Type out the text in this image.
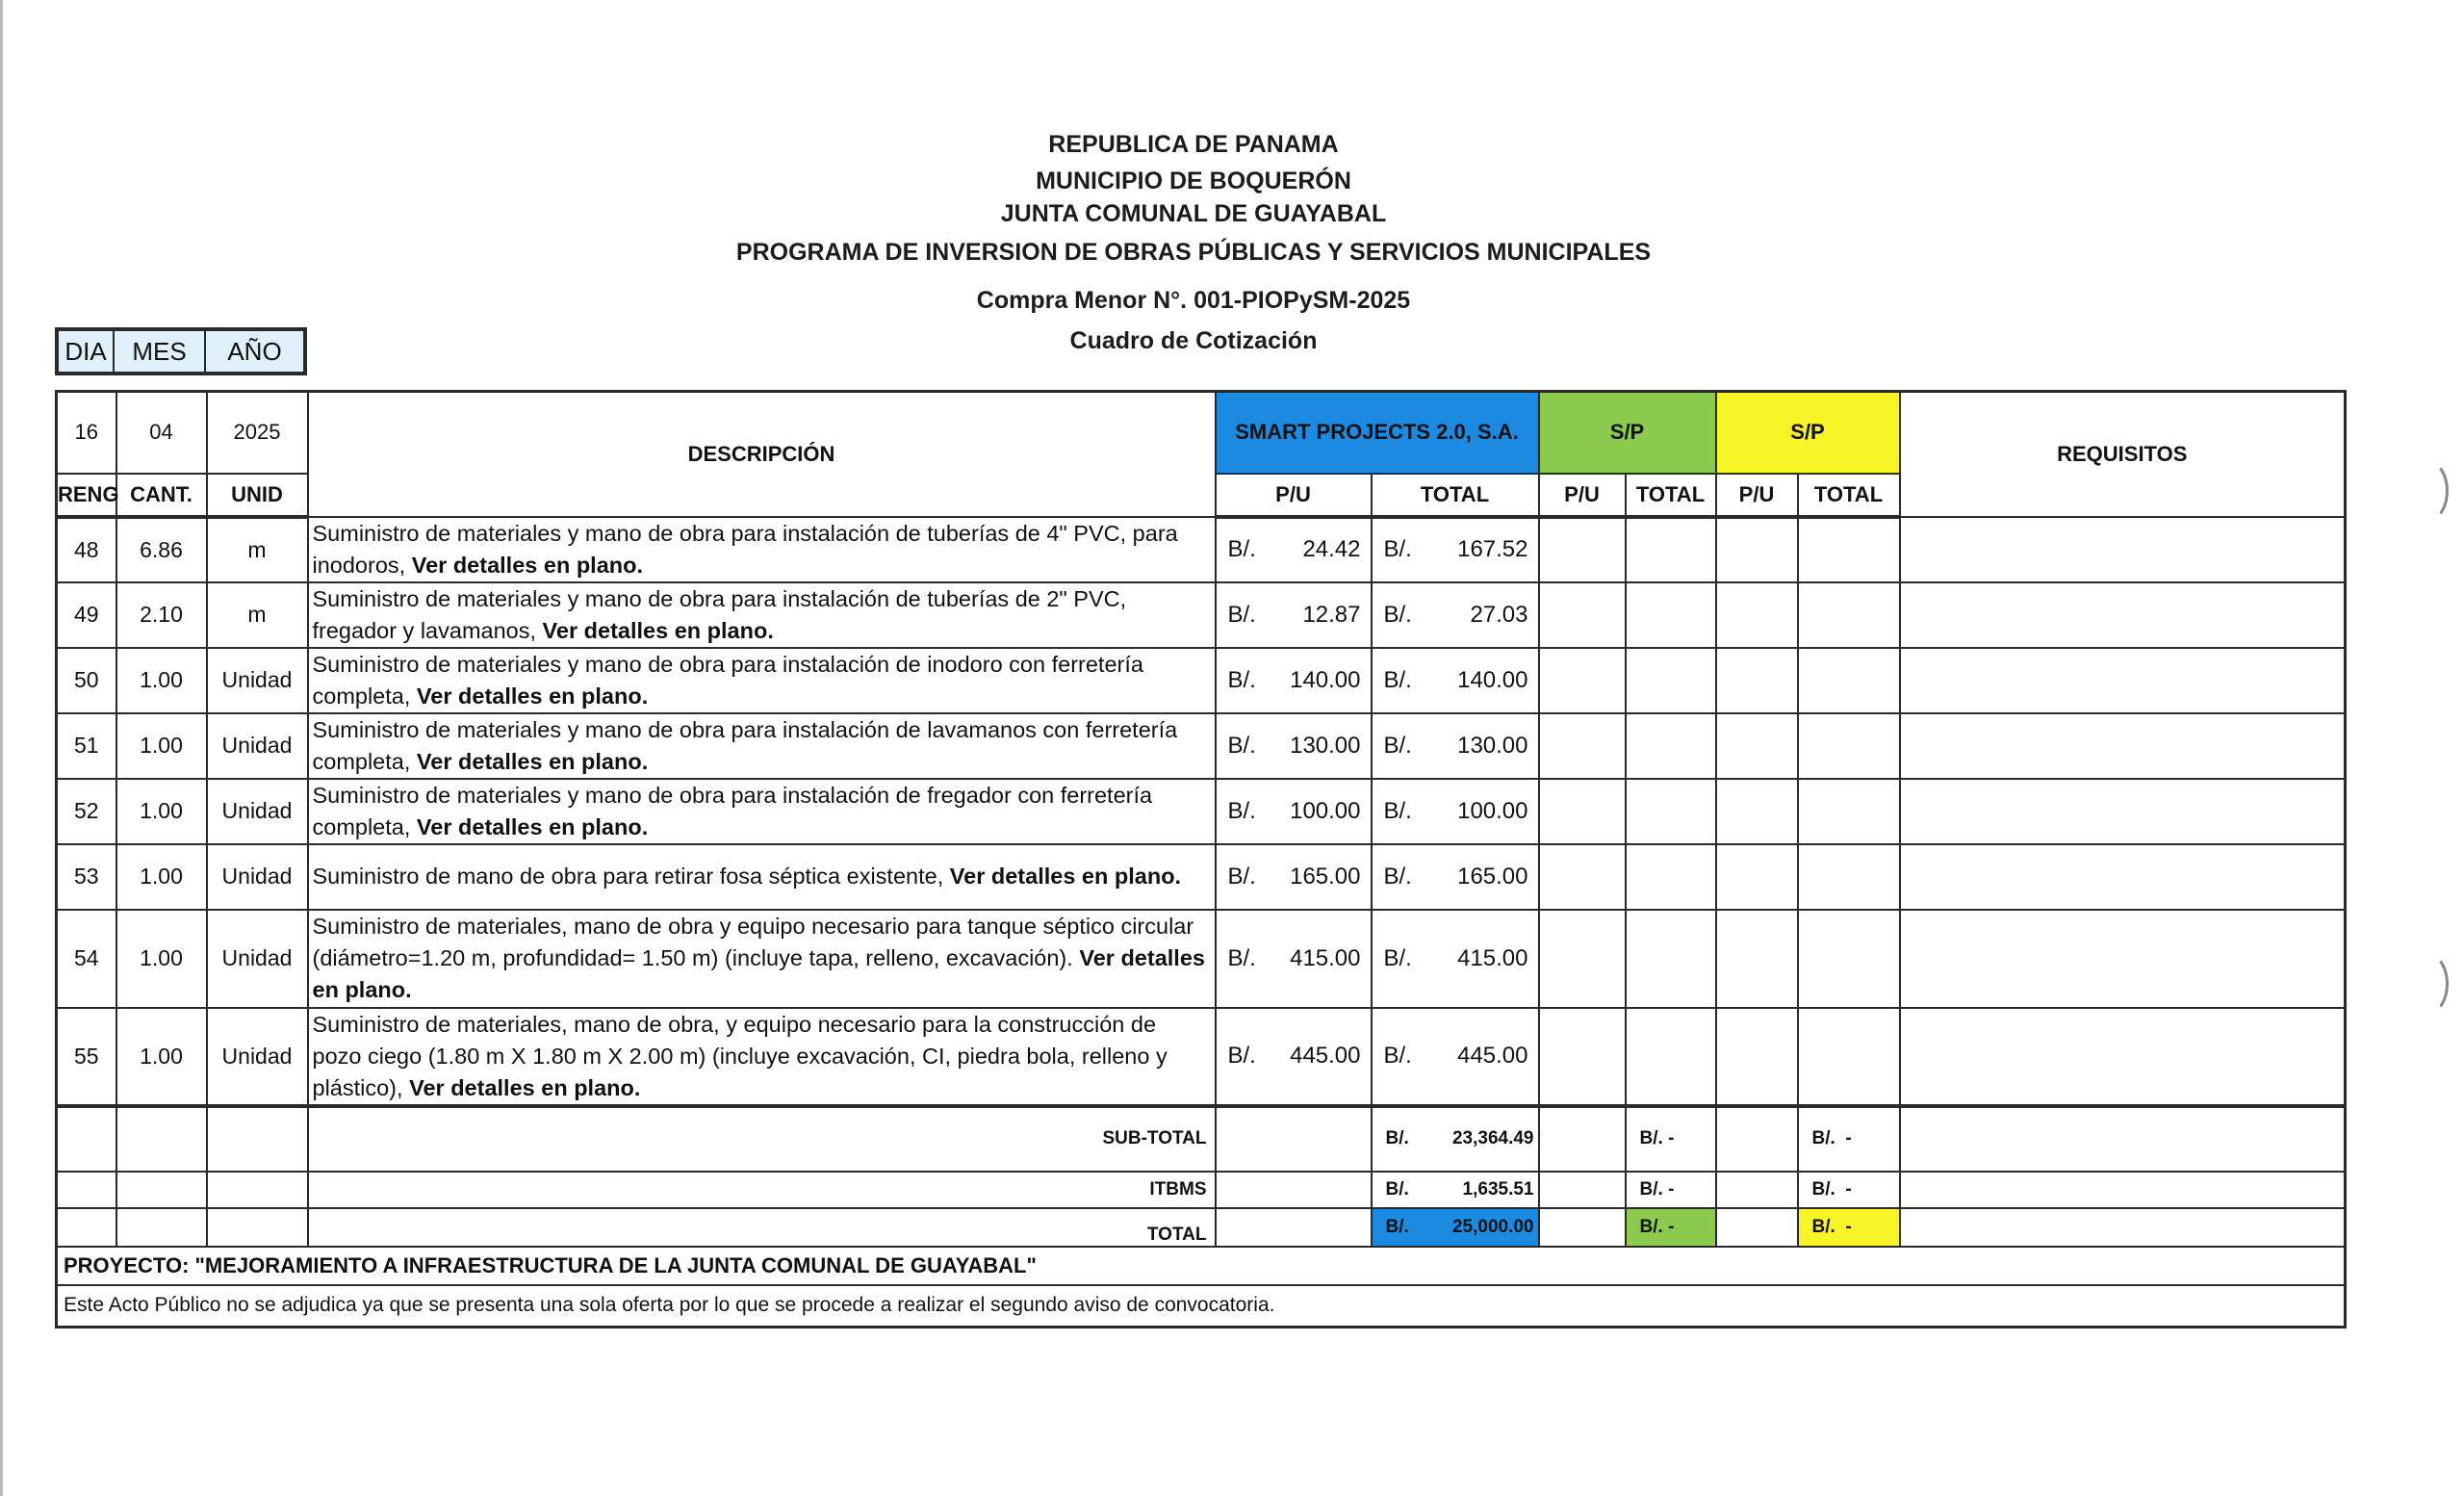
REPUBLICA DE PANAMA
MUNICIPIO DE BOQUERÓN
JUNTA COMUNAL DE GUAYABAL
PROGRAMA DE INVERSION DE OBRAS PÚBLICAS Y SERVICIOS MUNICIPALES
Compra Menor N°. 001-PIOPySM-2025
Cuadro de Cotización
DIA	MES	AÑO
16	04	2025	DESCRIPCIÓN	SMART PROJECTS 2.0, S.A.		S/P		S/P		REQUISITOS
RENG	CANT.	UNID		P/U	TOTAL	P/U	TOTAL	P/U	TOTAL	
48	6.86	m	Suministro de materiales y mano de obra para instalación de tuberías de 4" PVC, para inodoros, Ver detalles en plano.	B/. 24.42	B/. 167.52					

49	2.10	m	Suministro de materiales y mano de obra para instalación de tuberías de 2" PVC, fregador y lavamanos, Ver detalles en plano.	B/. 12.87	B/. 27.03					

50	1.00	Unidad	Suministro de materiales y mano de obra para instalación de inodoro con ferretería completa, Ver detalles en plano.	B/. 140.00	B/. 140.00					

51	1.00	Unidad	Suministro de materiales y mano de obra para instalación de lavamanos con ferretería completa, Ver detalles en plano.	B/. 130.00	B/. 130.00					

52	1.00	Unidad	Suministro de materiales y mano de obra para instalación de fregador con ferretería completa, Ver detalles en plano.	B/. 100.00	B/. 100.00					

53	1.00	Unidad	Suministro de mano de obra para retirar fosa séptica existente, Ver detalles en plano.	B/. 165.00	B/. 165.00					

54	1.00	Unidad	Suministro de materiales, mano de obra y equipo necesario para tanque séptico circular (diámetro=1.20 m, profundidad= 1.50 m) (incluye tapa, relleno, excavación). Ver detalles en plano.	B/. 415.00	B/. 415.00					

55	1.00	Unidad	Suministro de materiales, mano de obra, y equipo necesario para la construcción de pozo ciego (1.80 m X 1.80 m X 2.00 m) (incluye excavación, CI, piedra bola, relleno y plástico), Ver detalles en plano.	B/. 445.00	B/. 445.00					

			SUB-TOTAL		B/. 23,364.49		B/. -		B/. -	
			ITBMS		B/. 1,635.51		B/. -		B/. -	
			TOTAL		B/. 25,000.00		B/. -		B/. -	
PROYECTO: "MEJORAMIENTO A INFRAESTRUCTURA DE LA JUNTA COMUNAL DE GUAYABAL"										
Este Acto Público no se adjudica ya que se presenta una sola oferta por lo que se procede a realizar el segundo aviso de convocatoria.										
